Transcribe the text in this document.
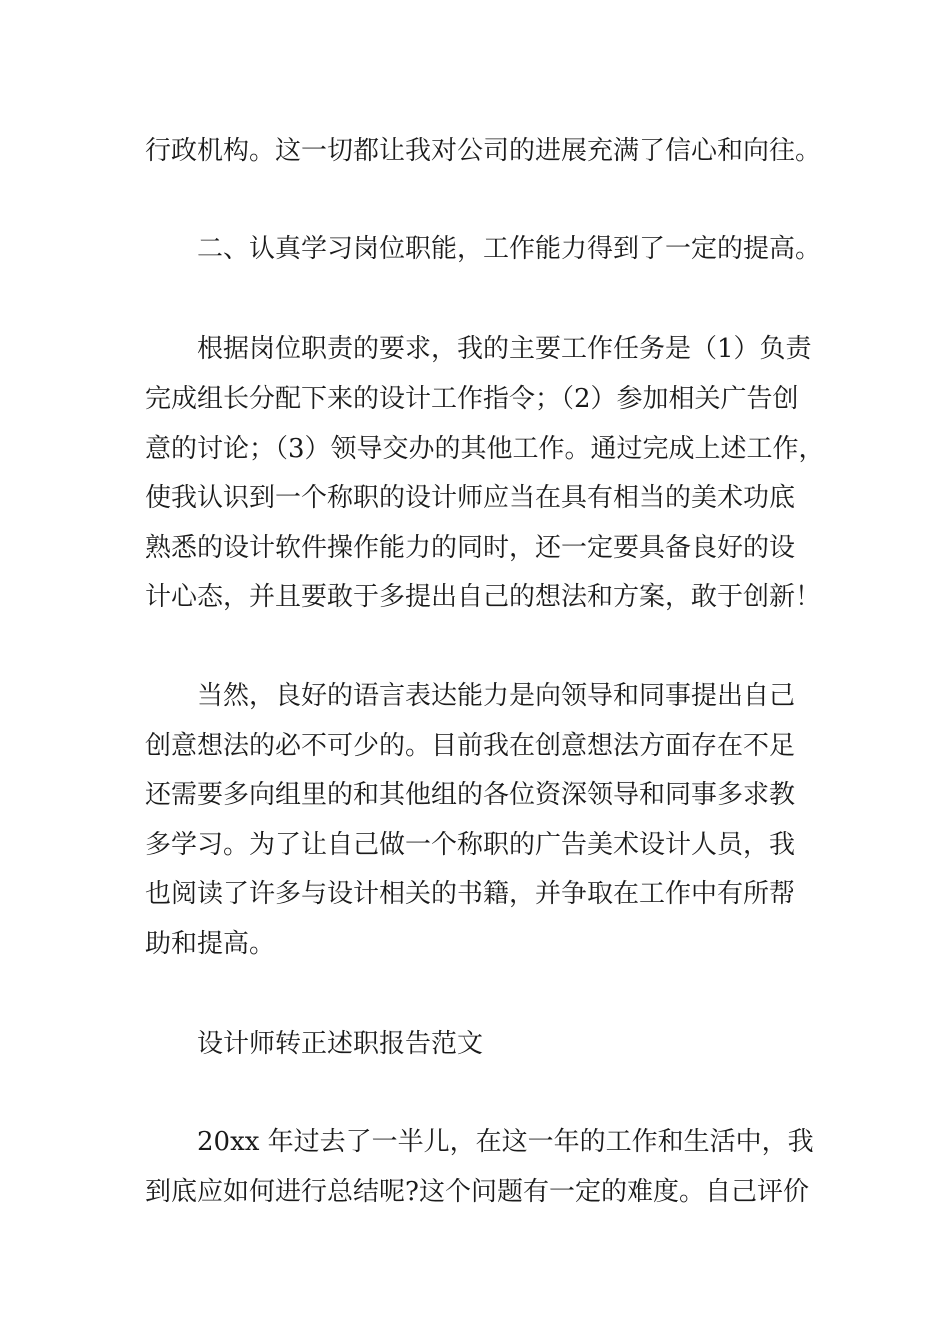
行政机构。这一切都让我对公司的进展充满了信心和向往。
二、认真学习岗位职能，工作能力得到了一定的提高。
根据岗位职责的要求，我的主要工作任务是（1）负责
完成组长分配下来的设计工作指令；（2）参加相关广告创
意的讨论；（3）领导交办的其他工作。通过完成上述工作，
使我认识到一个称职的设计师应当在具有相当的美术功底
熟悉的设计软件操作能力的同时，还一定要具备良好的设
计心态，并且要敢于多提出自己的想法和方案，敢于创新！
当然，良好的语言表达能力是向领导和同事提出自己
创意想法的必不可少的。目前我在创意想法方面存在不足
还需要多向组里的和其他组的各位资深领导和同事多求教
多学习。为了让自己做一个称职的广告美术设计人员，我
也阅读了许多与设计相关的书籍，并争取在工作中有所帮
助和提高。
设计师转正述职报告范文
20xx 年过去了一半儿，在这一年的工作和生活中，我
到底应如何进行总结呢?这个问题有一定的难度。自己评价
